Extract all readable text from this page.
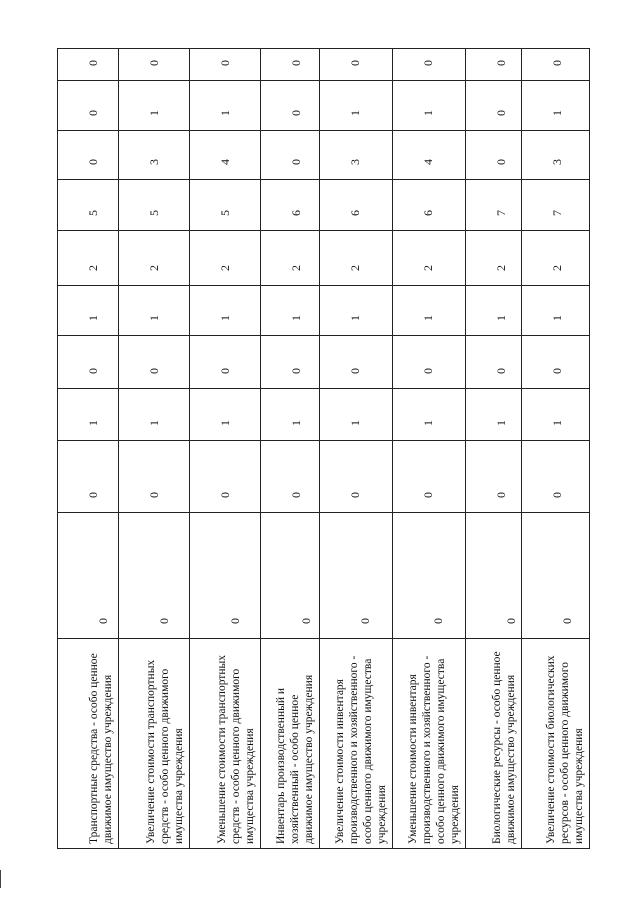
Транспортные средства - особо ценное движимое имущество учреждения	0	0	1	0	1	2	5	0	0	0	

Увеличение стоимости транспортных средств - особо ценного движимого имущества учреждения	0	0	1	0	1	2	5	3	1	0	

Уменьшение стоимости транспортных средств - особо ценного движимого имущества учреждения	0	0	1	0	1	2	5	4	1	0	

Инвентарь производственный и хозяйственный - особо ценное движимое имущество учреждения	0	0	1	0	1	2	6	0	0	0	

Увеличение стоимости инвентаря производственного и хозяйственного - особо ценного движимого имущества учреждения	0	0	1	0	1	2	6	3	1	0	

Уменьшение стоимости инвентаря производственного и хозяйственного - особо ценного движимого имущества учреждения	0	0	1	0	1	2	6	4	1	0	

Биологические ресурсы - особо ценное движимое имущество учреждения	0	0	1	0	1	2	7	0	0	0	

Увеличение стоимости биологических ресурсов - особо ценного движимого имущества учреждения	0	0	1	0	1	2	7	3	1	0	
